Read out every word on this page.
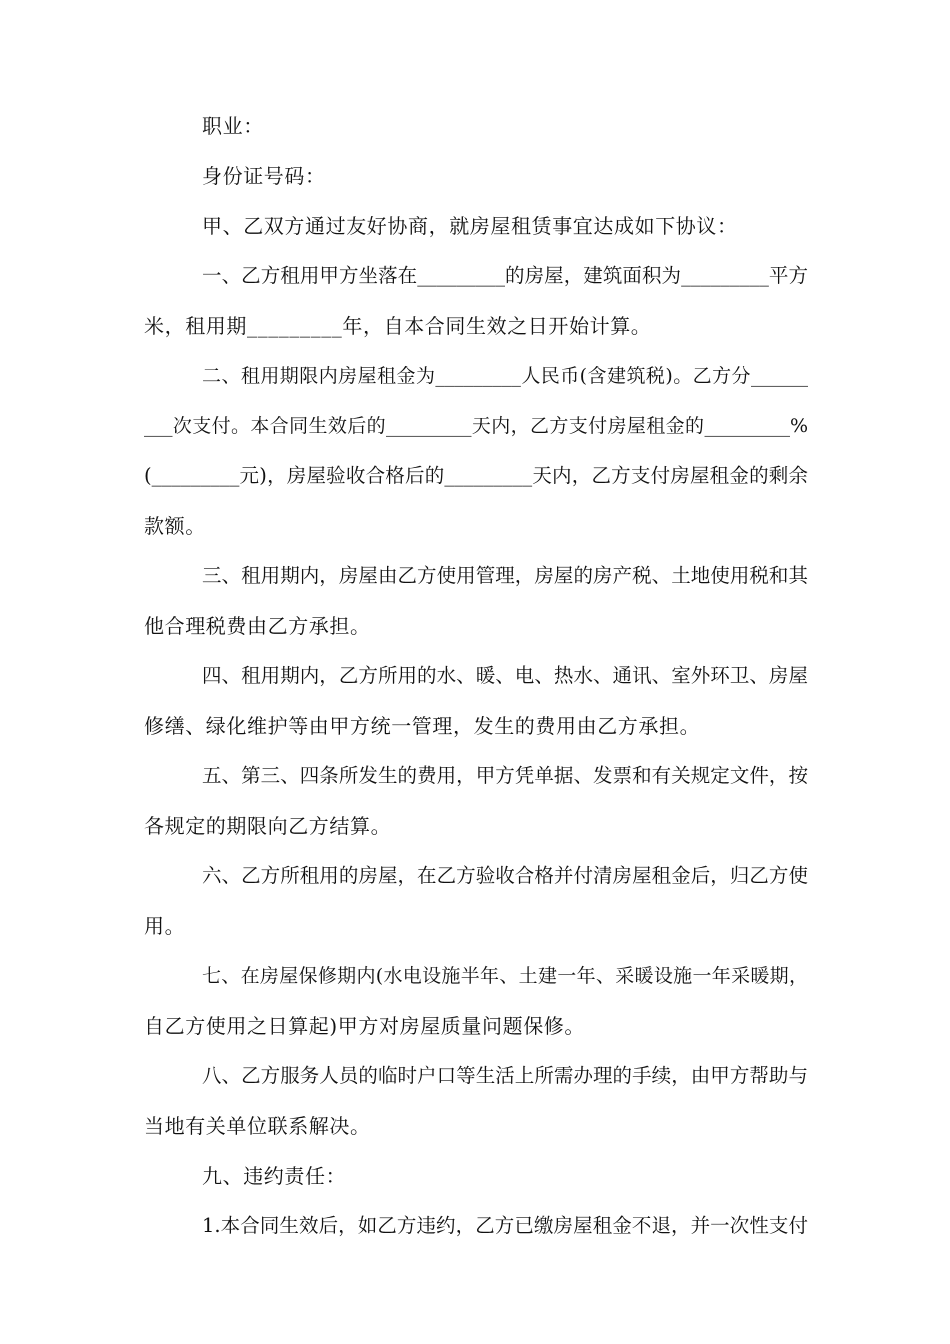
职业：
身份证号码：
甲、乙双方通过友好协商，就房屋租赁事宜达成如下协议：
一、乙方租用甲方坐落在_________的房屋，建筑面积为_________平方
米，租用期_________年，自本合同生效之日开始计算。
二、租用期限内房屋租金为_________人民币(含建筑税)。乙方分______
___次支付。本合同生效后的_________天内，乙方支付房屋租金的_________%
(_________元)，房屋验收合格后的_________天内，乙方支付房屋租金的剩余
款额。
三、租用期内，房屋由乙方使用管理，房屋的房产税、土地使用税和其
他合理税费由乙方承担。
四、租用期内，乙方所用的水、暖、电、热水、通讯、室外环卫、房屋
修缮、绿化维护等由甲方统一管理，发生的费用由乙方承担。
五、第三、四条所发生的费用，甲方凭单据、发票和有关规定文件，按
各规定的期限向乙方结算。
六、乙方所租用的房屋，在乙方验收合格并付清房屋租金后，归乙方使
用。
七、在房屋保修期内(水电设施半年、土建一年、采暖设施一年采暖期，
自乙方使用之日算起)甲方对房屋质量问题保修。
八、乙方服务人员的临时户口等生活上所需办理的手续，由甲方帮助与
当地有关单位联系解决。
九、违约责任：
1.本合同生效后，如乙方违约，乙方已缴房屋租金不退，并一次性支付
